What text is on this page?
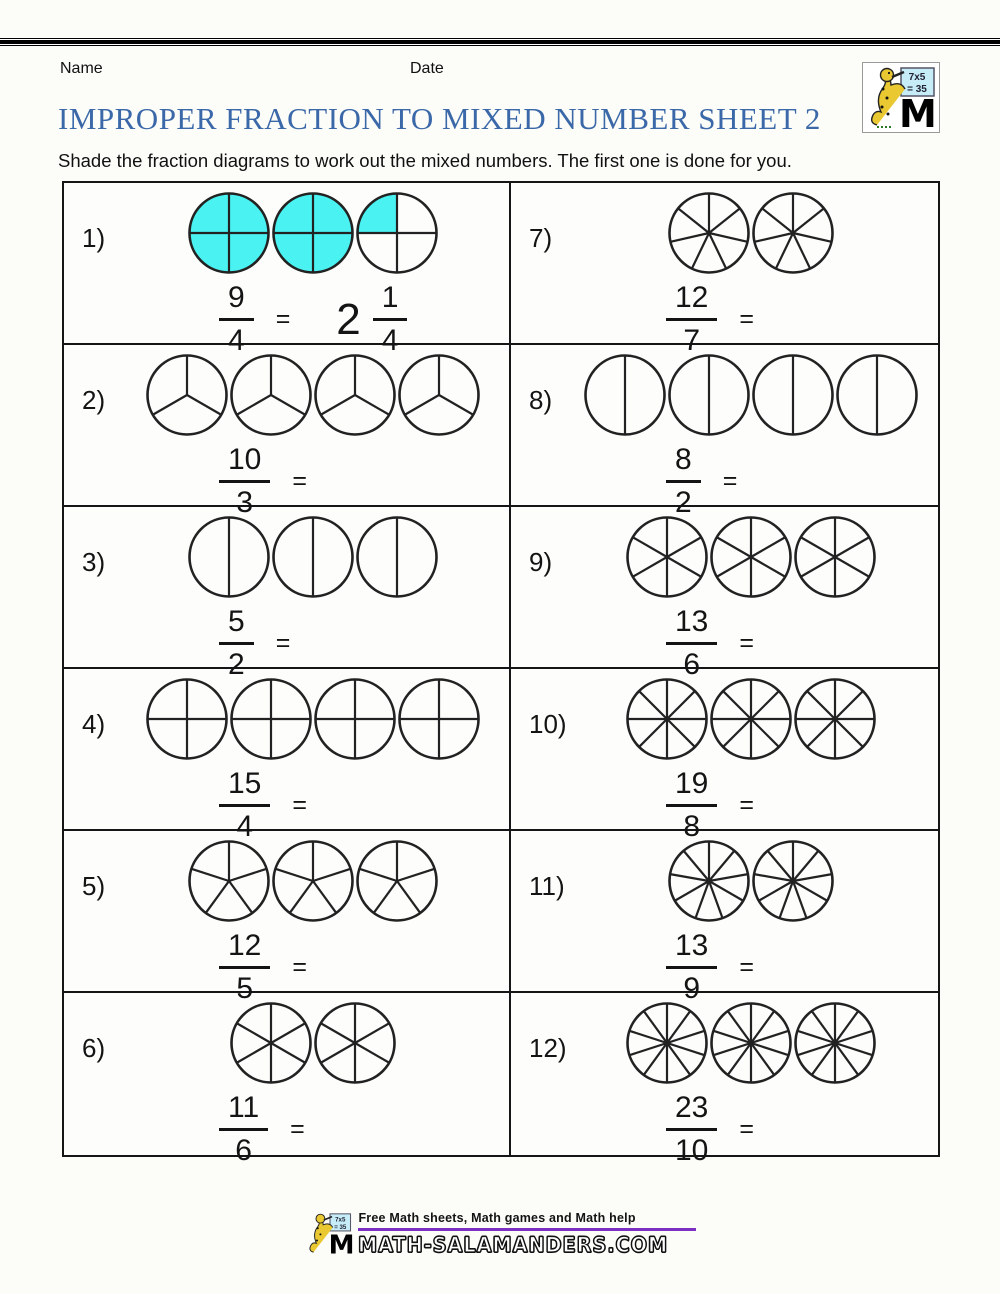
Name	Date
7x5
= 35
M
IMPROPER FRACTION TO MIXED NUMBER SHEET 2
Shade the fraction diagrams to work out the mixed numbers. The first one is done for you.
1)
$\frac{9}{4} = 2 \frac{1}{4}$
7)
$\frac{12}{7}$ =
2)
$\frac{10}{3}$ =
8)
$\frac{8}{2}$ =
3)
$\frac{5}{2}$ =
9)
$\frac{13}{6}$ =
4)
$\frac{15}{4}$ =
10)
$\frac{19}{8}$ =
5)
$\frac{12}{5}$ =
11)
$\frac{13}{9}$ =
6)
$\frac{11}{6}$ =
12)
$\frac{23}{10}$ =
7x5
= 35
M
Free Math sheets, Math games and Math help
MATH-SALAMANDERS.COM
